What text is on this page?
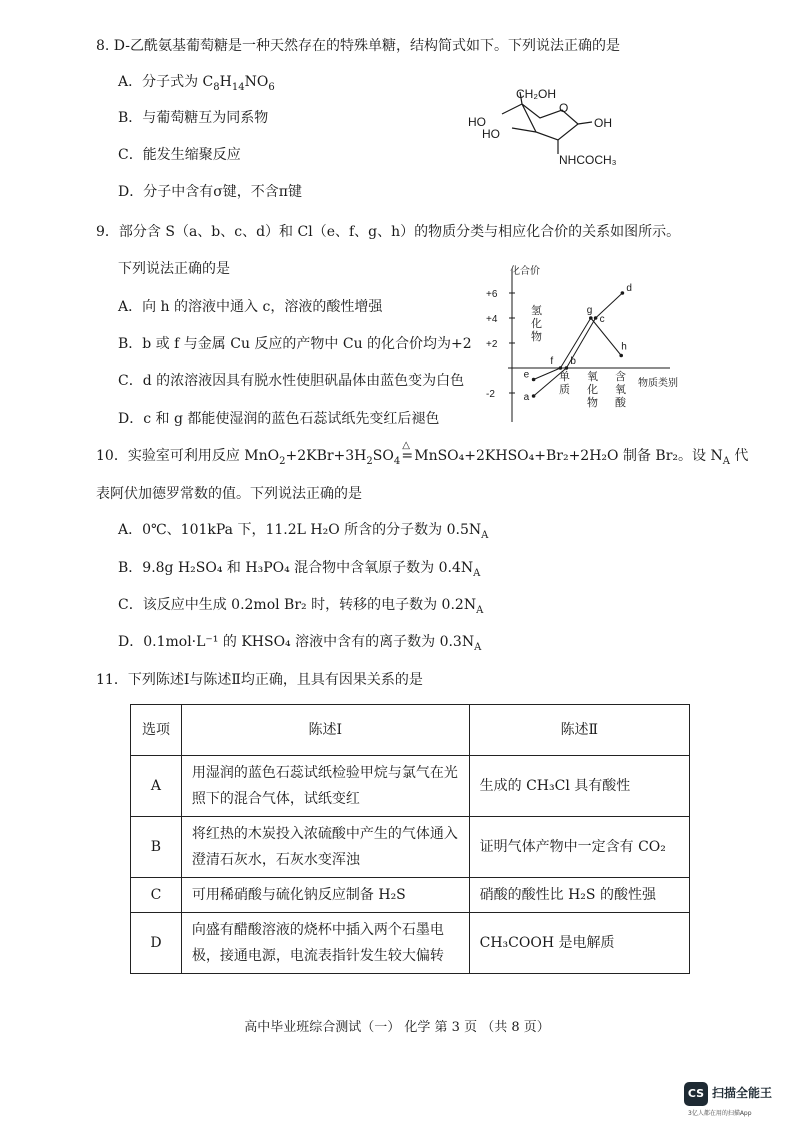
8. D-乙酰氨基葡萄糖是一种天然存在的特殊单糖，结构简式如下。下列说法正确的是
A．分子式为 $C_8H_{14}NO_6$
B．与葡萄糖互为同系物
C．能发生缩聚反应
D．分子中含有σ键，不含π键
CH₂OH
HO
HO
O
OH
NHCOCH₃
9．部分含 S（a、b、c、d）和 Cl（e、f、g、h）的物质分类与相应化合价的关系如图所示。
下列说法正确的是
A．向 h 的溶液中通入 c，溶液的酸性增强
B．b 或 f 与金属 Cu 反应的产物中 Cu 的化合价均为+2
C．d 的浓溶液因具有脱水性使胆矾晶体由蓝色变为白色
D．c 和 g 都能使湿润的蓝色石蕊试纸先变红后褪色
化合价
物质类别
+6
+4
+2
-2
氢化物
单质
氧化物
含氧酸
a
e
b
f
c
g
d
h
10．实验室可利用反应 $MnO_2+2KBr+3H_2SO_4$
△
=MnSO₄+2KHSO₄+Br₂+2H₂O 制备 Br₂。设 $N_A$ 代
表阿伏加德罗常数的值。下列说法正确的是
A．0℃、101kPa 下，11.2L H₂O 所含的分子数为 $0.5N_A$
B．9.8g H₂SO₄ 和 H₃PO₄ 混合物中含氧原子数为 $0.4N_A$
C．该反应中生成 0.2mol Br₂ 时，转移的电子数为 $0.2N_A$
D．0.1mol·L⁻¹ 的 KHSO₄ 溶液中含有的离子数为 $0.3N_A$
11．下列陈述Ⅰ与陈述Ⅱ均正确，且具有因果关系的是
选项	陈述Ⅰ	陈述Ⅱ
A	用湿润的蓝色石蕊试纸检验甲烷与氯气在光照下的混合气体，试纸变红	生成的 CH₃Cl 具有酸性
B	将红热的木炭投入浓硫酸中产生的气体通入澄清石灰水，石灰水变浑浊	证明气体产物中一定含有 CO₂
C	可用稀硝酸与硫化钠反应制备 H₂S	硝酸的酸性比 H₂S 的酸性强
D	向盛有醋酸溶液的烧杯中插入两个石墨电极，接通电源，电流表指针发生较大偏转	CH₃COOH 是电解质
高中毕业班综合测试（一） 化学 第 3 页 （共 8 页）
CS 扫描全能王
3亿人都在用的扫描App
